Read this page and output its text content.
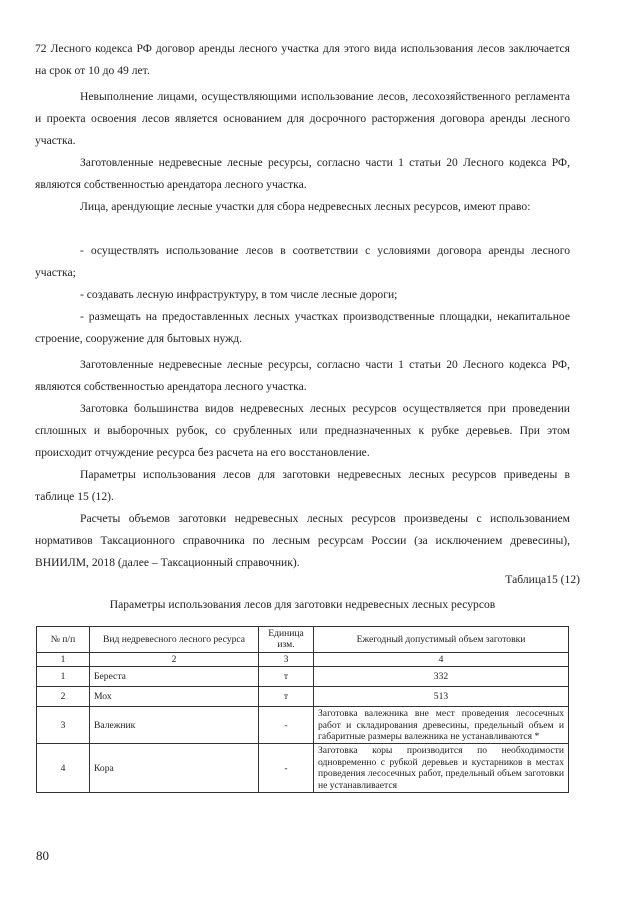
72 Лесного кодекса РФ договор аренды лесного участка для этого вида использования лесов заключается на срок от 10 до 49 лет.

Невыполнение лицами, осуществляющими использование лесов, лесохозяйственного регламента и проекта освоения лесов является основанием для досрочного расторжения договора аренды лесного участка.

Заготовленные недревесные лесные ресурсы, согласно части 1 статьи 20 Лесного кодекса РФ, являются собственностью арендатора лесного участка.

Лица, арендующие лесные участки для сбора недревесных лесных ресурсов, имеют право:

- осуществлять использование лесов в соответствии с условиями договора аренды лесного участка;

- создавать лесную инфраструктуру, в том числе лесные дороги;

- размещать на предоставленных лесных участках производственные площадки, некапитальное строение, сооружение для бытовых нужд.

Заготовленные недревесные лесные ресурсы, согласно части 1 статьи 20 Лесного кодекса РФ, являются собственностью арендатора лесного участка.

Заготовка большинства видов недревесных лесных ресурсов осуществляется при проведении сплошных и выборочных рубок, со срубленных или предназначенных к рубке деревьев. При этом происходит отчуждение ресурса без расчета на его восстановление.

Параметры использования лесов для заготовки недревесных лесных ресурсов приведены в таблице 15 (12).

Расчеты объемов заготовки недревесных лесных ресурсов произведены с использованием нормативов Таксационного справочника по лесным ресурсам России (за исключением древесины), ВНИИЛМ, 2018 (далее – Таксационный справочник).

Таблица15 (12)
Параметры использования лесов для заготовки недревесных лесных ресурсов
№ п/п	Вид недревесного лесного ресурса	Единица изм.	Ежегодный допустимый объем заготовки
1	2	3	4
1	Береста	т	332
2	Мох	т	513
3	Валежник	-	Заготовка валежника вне мест проведения лесосечных работ и складирования древесины, предельный объем и габаритные размеры валежника не устанавливаются *
4	Кора	-	Заготовка коры производится по необходимости одновременно с рубкой деревьев и кустарников в местах проведения лесосечных работ, предельный объем заготовки не устанавливается
80
